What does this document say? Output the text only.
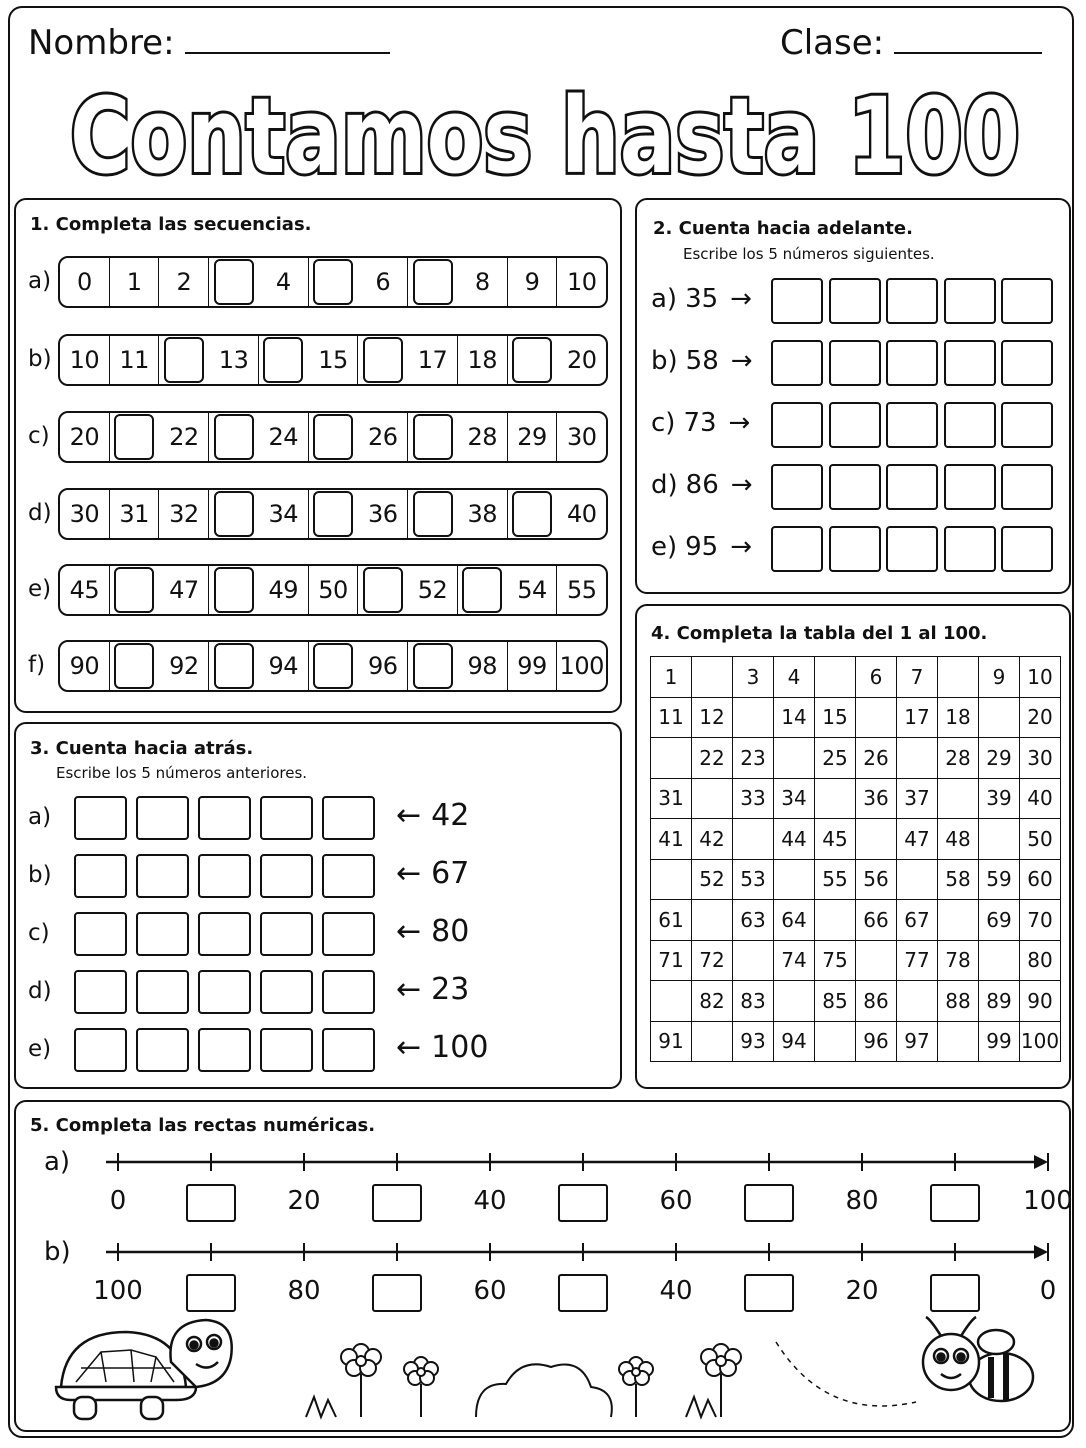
Nombre:	Clase:
Contamos hasta 100
1. Completa las secuencias.
a)	0	1	2	4	6	8	9	10
b) 10 11	13	15	17 18	20
c) 20	22	24	26	28 29 30
d) 30 31 32	34	36	38	40
e) 45	47	49 50	52	54 55
f)	90	92	94	96	98 99 100
2. Cuenta hacia adelante.
Escribe los 5 números siguientes.
a) 35 →
b) 58 →
c) 73 →
d) 86 →
e) 95 →
3. Cuenta hacia atrás.
Escribe los 5 números anteriores.
a)	← 42
b)	← 67
c)	← 80
d)	← 23
e)	← 100
4. Completa la tabla del 1 al 100.
1		3	4		6	7		9	10
11	12		14	15		17	18		20
	22	23		25	26		28	29	30
31		33	34		36	37		39	40
41	42		44	45		47	48		50
	52	53		55	56		58	59	60
61		63	64		66	67		69	70
71	72		74	75		77	78		80
	82	83		85	86		88	89	90
91		93	94		96	97		99	100
5. Completa las rectas numéricas.
a)
0	20	40	60	80	100
b)
100	80	60	40	20	0
